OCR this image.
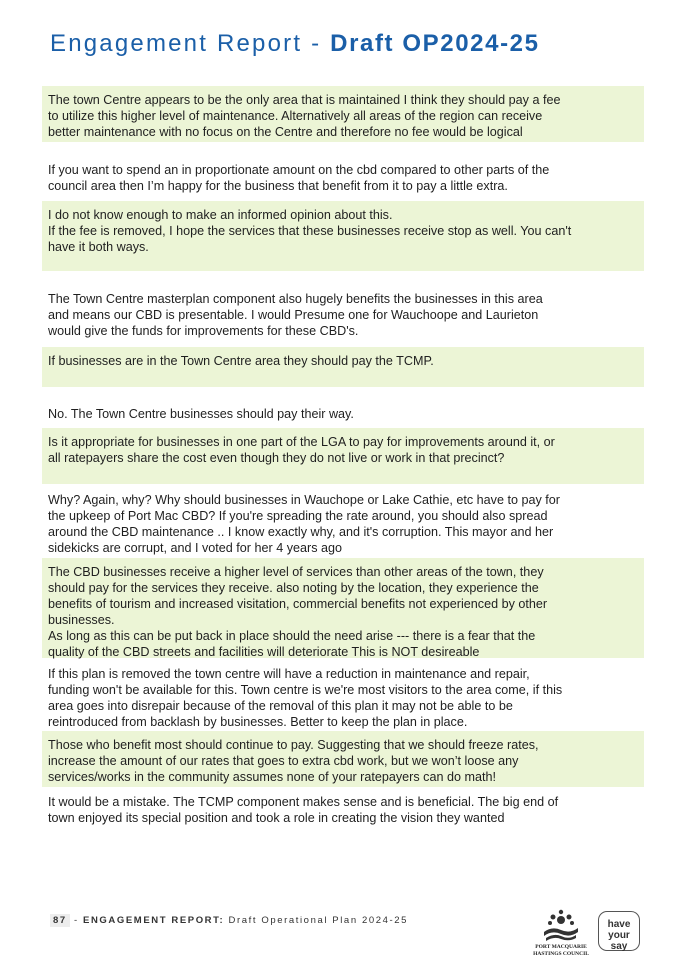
Engagement Report - Draft OP2024-25
The town Centre appears to be the only area that is maintained I think they should pay a fee
to utilize this higher level of maintenance. Alternatively all areas of the region can receive
better maintenance with no focus on the Centre and therefore no fee would be logical
If you want to spend an in proportionate amount on the cbd compared to other parts of the
council area then I’m happy for the business that benefit from it to pay a little extra.
I do not know enough to make an informed opinion about this.
If the fee is removed, I hope the services that these businesses receive stop as well. You can't
have it both ways.
The Town Centre masterplan component also hugely benefits the businesses in this area
and means our CBD is presentable. I would Presume one for Wauchoope and Laurieton
would give the funds for improvements for these CBD's.
If businesses are in the Town Centre area they should pay the TCMP.
No. The Town Centre businesses should pay their way.
Is it appropriate for businesses in one part of the LGA to pay for improvements around it, or
all ratepayers share the cost even though they do not live or work in that precinct?
Why? Again, why? Why should businesses in Wauchope or Lake Cathie, etc have to pay for
the upkeep of Port Mac CBD? If you're spreading the rate around, you should also spread
around the CBD maintenance .. I know exactly why, and it's corruption. This mayor and her
sidekicks are corrupt, and I voted for her 4 years ago
The CBD businesses receive a higher level of services than other areas of the town, they
should pay for the services they receive. also noting by the location, they experience the
benefits of tourism and increased visitation, commercial benefits not experienced by other
businesses.
As long as this can be put back in place should the need arise --- there is a fear that the
quality of the CBD streets and facilities will deteriorate This is NOT desireable
If this plan is removed the town centre will have a reduction in maintenance and repair,
funding won't be available for this. Town centre is we're most visitors to the area come, if this
area goes into disrepair because of the removal of this plan it may not be able to be
reintroduced from backlash by businesses. Better to keep the plan in place.
Those who benefit most should continue to pay. Suggesting that we should freeze rates,
increase the amount of our rates that goes to extra cbd work, but we won’t loose any
services/works in the community assumes none of your ratepayers can do math!
It would be a mistake. The TCMP component makes sense and is beneficial. The big end of
town enjoyed its special position and took a role in creating the vision they wanted
87 - ENGAGEMENT REPORT: Draft Operational Plan 2024-25
PORT MACQUARIE
HASTINGS COUNCIL
have
your say
